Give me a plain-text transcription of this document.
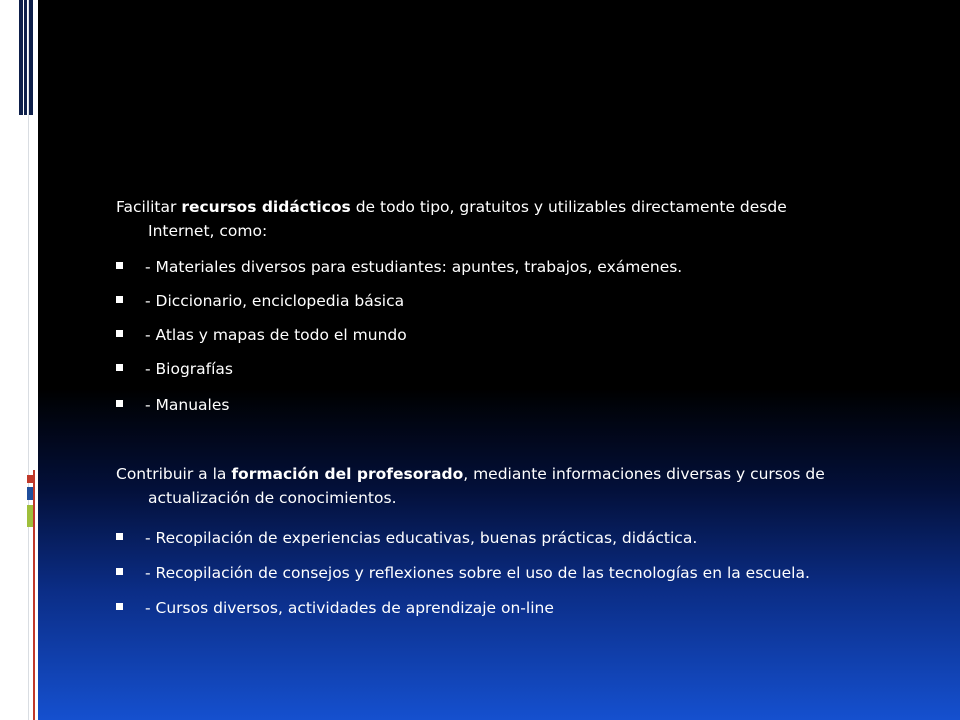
Facilitar recursos didácticos de todo tipo, gratuitos y utilizables directamente desde
Internet, como:
- Materiales diversos para estudiantes: apuntes, trabajos, exámenes.
- Diccionario, enciclopedia básica
- Atlas y mapas de todo el mundo
- Biografías
- Manuales
Contribuir a la formación del profesorado, mediante informaciones diversas y cursos de
actualización de conocimientos.
- Recopilación de experiencias educativas, buenas prácticas, didáctica.
- Recopilación de consejos y reflexiones sobre el uso de las tecnologías en la escuela.
- Cursos diversos, actividades de aprendizaje on-line
